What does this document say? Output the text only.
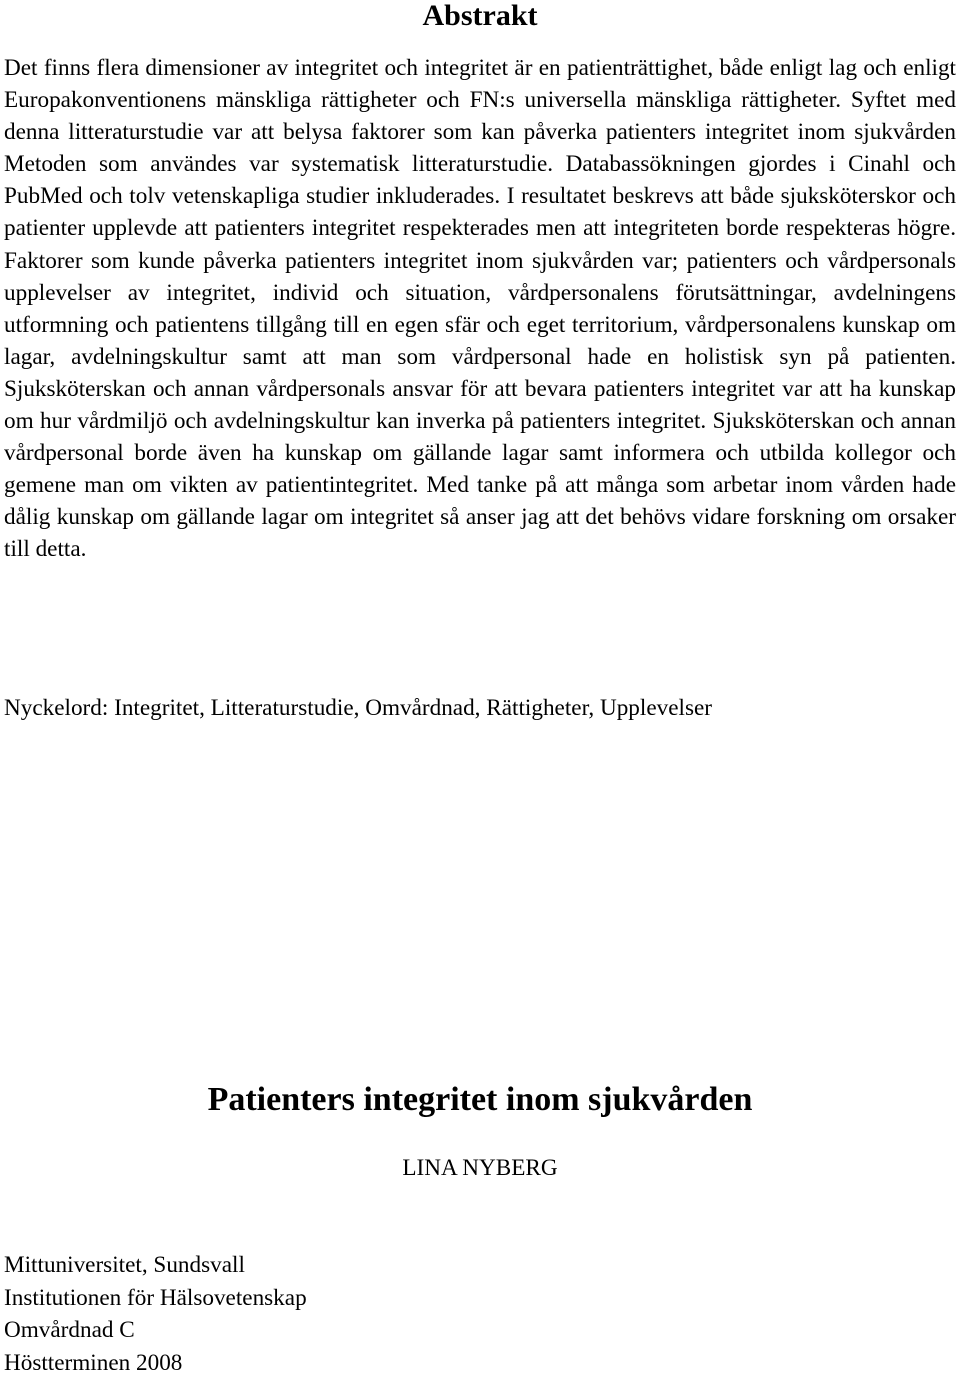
Abstrakt

Det finns flera dimensioner av integritet och integritet är en patienträttighet, både enligt lag och enligt Europakonventionens mänskliga rättigheter och FN:s universella mänskliga rättigheter. Syftet med denna litteraturstudie var att belysa faktorer som kan påverka patienters integritet inom sjukvården Metoden som användes var systematisk litteraturstudie. Databassökningen gjordes i Cinahl och PubMed och tolv vetenskapliga studier inkluderades. I resultatet beskrevs att både sjuksköterskor och patienter upplevde att patienters integritet respekterades men att integriteten borde respekteras högre. Faktorer som kunde påverka patienters integritet inom sjukvården var; patienters och vårdpersonals upplevelser av integritet, individ och situation, vårdpersonalens förutsättningar, avdelningens utformning och patientens tillgång till en egen sfär och eget territorium, vårdpersonalens kunskap om lagar, avdelningskultur samt att man som vårdpersonal hade en holistisk syn på patienten. Sjuksköterskan och annan vårdpersonals ansvar för att bevara patienters integritet var att ha kunskap om hur vårdmiljö och avdelningskultur kan inverka på patienters integritet. Sjuksköterskan och annan vårdpersonal borde även ha kunskap om gällande lagar samt informera och utbilda kollegor och gemene man om vikten av patientintegritet. Med tanke på att många som arbetar inom vården hade dålig kunskap om gällande lagar om integritet så anser jag att det behövs vidare forskning om orsaker till detta.

Nyckelord: Integritet, Litteraturstudie, Omvårdnad, Rättigheter, Upplevelser

Patienters integritet inom sjukvården

LINA NYBERG

Mittuniversitet, Sundsvall
Institutionen för Hälsovetenskap
Omvårdnad C
Höstterminen 2008
